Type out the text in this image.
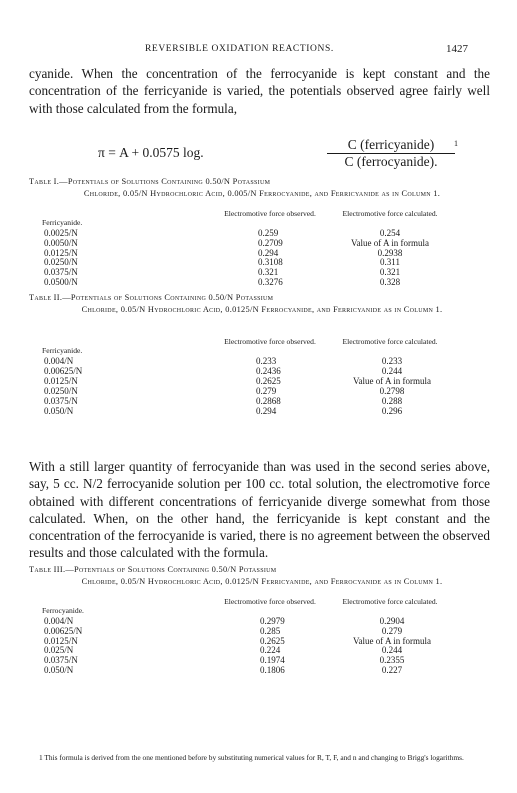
REVERSIBLE OXIDATION REACTIONS.	1427
cyanide. When the concentration of the ferrocyanide is kept constant and the concentration of the ferricyanide is varied, the potentials observed agree fairly well with those calculated from the formula,
π = A + 0.0575 log.
C (ferricyanide)
C (ferrocyanide).
1
Table I.—Potentials of Solutions Containing 0.50/N Potassium
Chloride, 0.05/N Hydrochloric Acid, 0.005/N Ferrocyanide, and Ferricyanide as in Column 1.
Electromotive force observed.	Electromotive force calculated.
Ferricyanide.
0.0025/N	0.259	0.254
0.0050/N	0.2709	Value of A in formula
0.0125/N	0.294	0.2938
0.0250/N	0.3108	0.311
0.0375/N	0.321	0.321
0.0500/N	0.3276	0.328
Table II.—Potentials of Solutions Containing 0.50/N Potassium
Chloride, 0.05/N Hydrochloric Acid, 0.0125/N Ferrocyanide, and Ferricyanide as in Column 1.
Electromotive force observed.	Electromotive force calculated.
Ferricyanide.
0.004/N	0.233	0.233
0.00625/N	0.2436	0.244
0.0125/N	0.2625	Value of A in formula
0.0250/N	0.279	0.2798
0.0375/N	0.2868	0.288
0.050/N	0.294	0.296
With a still larger quantity of ferrocyanide than was used in the second series above, say, 5 cc. N/2 ferrocyanide solution per 100 cc. total solution, the electromotive force obtained with different concentrations of ferricyanide diverge somewhat from those calculated. When, on the other hand, the ferricyanide is kept constant and the concentration of the ferrocyanide is varied, there is no agreement between the observed results and those calculated with the formula.
Table III.—Potentials of Solutions Containing 0.50/N Potassium
Chloride, 0.05/N Hydrochloric Acid, 0.0125/N Ferricyanide, and Ferrocyanide as in Column 1.
Electromotive force observed.	Electromotive force calculated.
Ferrocyanide.
0.004/N	0.2979	0.2904
0.00625/N	0.285	0.279
0.0125/N	0.2625	Value of A in formula
0.025/N	0.224	0.244
0.0375/N	0.1974	0.2355
0.050/N	0.1806	0.227
1 This formula is derived from the one mentioned before by substituting numerical values for R, T, F, and n and changing to Brigg's logarithms.
